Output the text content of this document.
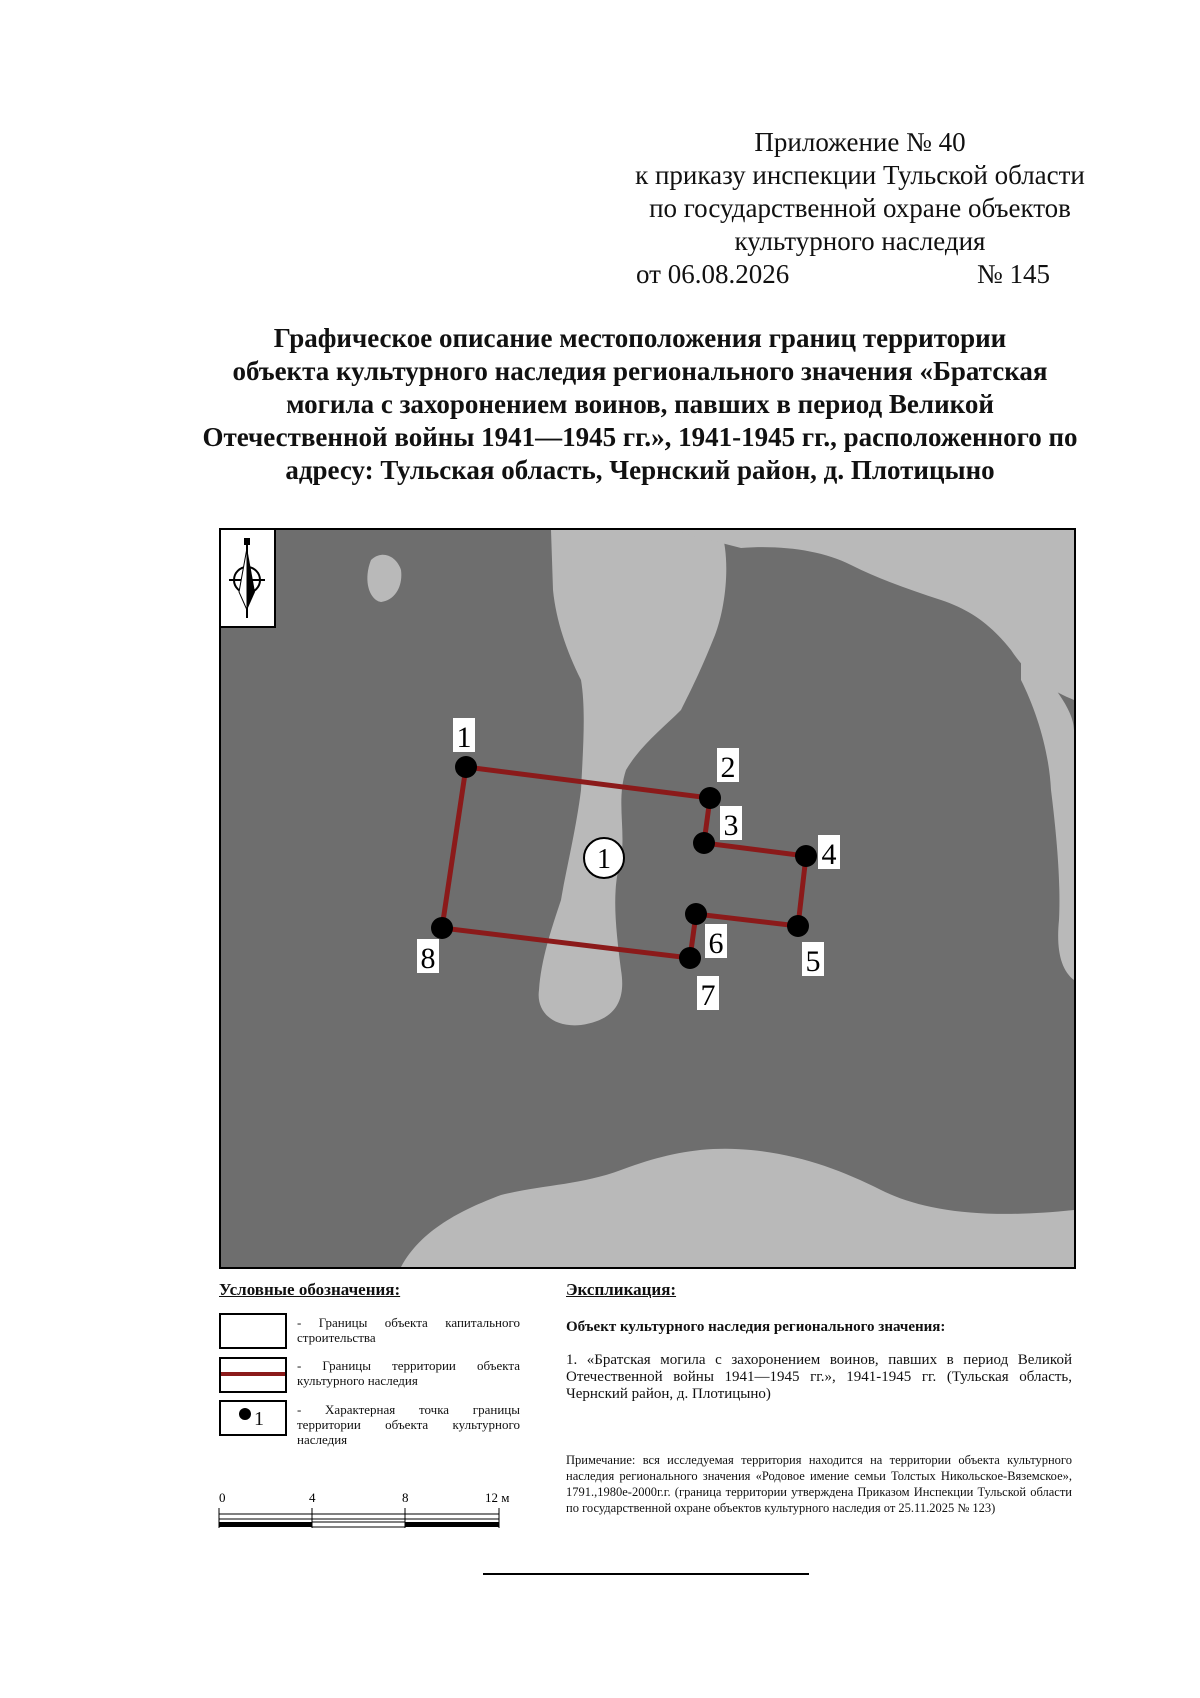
Приложение № 40
к приказу инспекции Тульской области
по государственной охране объектов
культурного наследия
от 06.08.2026	№ 145
Графическое описание местоположения границ территории
объекта культурного наследия регионального значения «Братская
могила с захоронением воинов, павших в период Великой
Отечественной войны 1941—1945 гг.», 1941-1945 гг., расположенного по
адресу: Тульская область, Чернский район, д. Плотицыно
1
1
2
3
4
5
6
7
8
Условные обозначения:
- Границы объекта капитального строительства
- Границы территории объекта культурного наследия
1	- Характерная точка границы территории объекта культурного наследия
Экспликация:
Объект культурного наследия регионального значения:
1. «Братская могила с захоронением воинов, павших в период Великой Отечественной войны 1941—1945 гг.», 1941-1945 гг. (Тульская область, Чернский район, д. Плотицыно)
Примечание: вся исследуемая территория находится на территории объекта культурного наследия регионального значения «Родовое имение семьи Толстых Никольское-Вяземское», 1791.,1980е-2000г.г. (граница территории утверждена Приказом Инспекции Тульской области по государственной охране объектов культурного наследия от 25.11.2025 № 123)
0	4	8	12 м
